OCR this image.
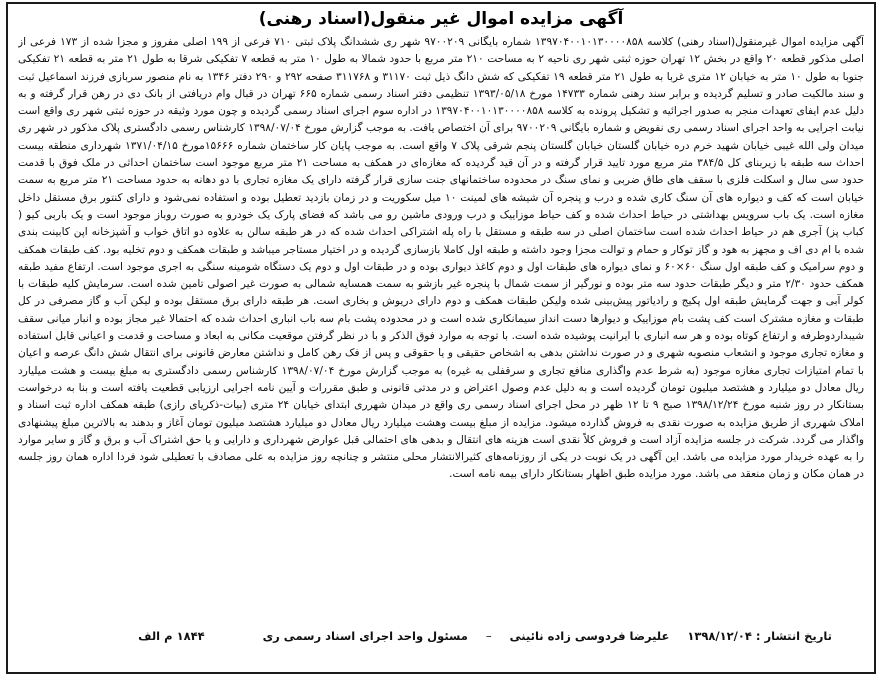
آگهی مزایده اموال غیر منقول(اسناد رهنی)

آگهی مزایده اموال غیرمنقول(اسناد رهنی) کلاسه ۱۳۹۷۰۴۰۰۱۰۱۳۰۰۰۰۸۵۸ شماره بایگانی ۹۷۰۰۲۰۹ شهر ری ششدانگ پلاک ثبتی ۷۱۰ فرعی از ۱۹۹ اصلی مفروز و مجزا شده از ۱۷۳ فرعی از اصلی مذکور قطعه ۲۰ واقع در بخش ۱۲ تهران حوزه ثبتی شهر ری ناحیه ۲ به مساحت ۲۱۰ متر مربع با حدود شمالا به طول ۱۰ متر به قطعه ۷ تفکیکی شرقا به طول ۲۱ متر به قطعه ۲۱ تفکیکی جنوبا به طول ۱۰ متر به خیابان ۱۲ متری غربا به طول ۲۱ متر قطعه ۱۹ تفکیکی که شش دانگ ذیل ثبت ۳۱۱۷۰ و ۳۱۱۷۶۸ صفحه ۲۹۲ و ۲۹۰ دفتر ۱۳۴۶ به نام منصور سربازی فرزند اسماعیل ثبت و سند مالکیت صادر و تسلیم گردیده و برابر سند رهنی شماره ۱۴۷۳۳ مورخ ۱۳۹۳/۰۵/۱۸ تنظیمی دفتر اسناد رسمی شماره ۶۶۵ تهران در قبال وام دریافتی از بانک دی در رهن قرار گرفته و به دلیل عدم ایفای تعهدات منجر به صدور اجرائیه و تشکیل پرونده به کلاسه ۱۳۹۷۰۴۰۰۱۰۱۳۰۰۰۰۸۵۸ در اداره سوم اجرای اسناد رسمی گردیده و چون مورد وثیقه در حوزه ثبتی شهر ری واقع است نیابت اجرایی به واحد اجرای اسناد رسمی ری نفویض و شماره بایگانی ۹۷۰۰۲۰۹ برای آن اختصاص یافت. به موجب گزارش مورخ ۱۳۹۸/۰۷/۰۴ کارشناس رسمی دادگستری پلاک مذکور در شهر ری میدان ولی الله غیبی خیابان شهید خرم دره خیابان گلستان خیابان گلستان پنجم شرقی پلاک ۷ واقع است. به موجب پایان کار ساختمان شماره ۱۵۶۶۶مورخ ۱۳۷۱/۰۴/۱۵ شهرداری منطقه بیست احداث سه طبقه با زیربنای کل ۳۸۴/۵ متر مربع مورد تایید قرار گرفته و در آن قید گردیده که مغازه‌ای در همکف به مساحت ۲۱ متر مربع موجود است ساختمان احداثی در ملک فوق با قدمت حدود سی سال و اسکلت فلزی با سقف های طاق ضربی و نمای سنگ در محدوده ساختمانهای جنت سازی قرار گرفته دارای یک مغازه تجاری با دو دهانه به حدود مساحت ۲۱ متر مربع به سمت خیابان است که کف و دیواره های آن سنگ کاری شده و درب و پنجره آن شیشه های لمینت ۱۰ میل سکوریت و در زمان بازدید تعطیل بوده و استفاده نمی‌شود و دارای کنتور برق مستقل داخل مغازه است. یک باب سرویس بهداشتی در حیاط احداث شده و کف حیاط موزاییک و درب ورودی ماشین رو می باشد که فضای پارک یک خودرو به صورت روباز موجود است و یک باربی کیو ( کباب پز) آجری هم در حیاط احداث شده است ساختمان اصلی در سه طبقه و مستقل با راه پله اشتراکی احداث شده که در هر طبقه سالن به علاوه دو اتاق خواب و آشپزخانه اپن کابینت بندی شده با ام دی اف و مجهز به هود و گاز توکار و حمام و توالت مجزا وجود داشته و طبقه اول کاملا بازسازی گردیده و در اختیار مستاجر میباشد و طبقات همکف و دوم تخلیه بود. کف طبقات همکف و دوم سرامیک و کف طبقه اول سنگ ۶۰×۶۰ و نمای دیواره های طبقات اول و دوم کاغذ دیواری بوده و در طبقات اول و دوم یک دستگاه شومینه سنگی به اجری موجود است. ارتفاع مفید طبقه همکف حدود ۲/۳۰ متر و دیگر طبقات حدود سه متر بوده و نورگیر از سمت شمال با پنجره غیر بازشو به سمت همسایه شمالی به صورت غیر اصولی تامین شده است. سرمایش کلیه طبقات با کولر آبی و جهت گرمایش طبقه اول پکیج و رادیاتور پیش‌بینی شده ولیکن طبقات همکف و دوم دارای دریوش و بخاری است. هر طبقه دارای برق مستقل بوده و لیکن آب و گاز مصرفی در کل طبقات و مغازه مشترک است کف پشت بام موزاییک و دیوارها دست انداز سیمانکاری شده است و در محدوده پشت بام سه باب انباری احداث شده که احتمالا غیر مجاز بوده و انبار میانی سقف شیبداردوطرفه و ارتفاع کوتاه بوده و هر سه انباری با ایرانیت پوشیده شده است. با توجه به موارد فوق الذکر و با در نظر گرفتن موقعیت مکانی به ابعاد و مساحت و قدمت و اعیانی قابل استفاده و مغازه تجاری موجود و انشعاب منصوبه شهری و در صورت نداشتن بدهی به اشخاص حقیقی و یا حقوقی و پس از فک رهن کامل و نداشتن معارض قانونی برای انتقال شش دانگ عرصه و اعیان با تمام امتیازات تجاری مغازه موجود (به شرط عدم واگذاری منافع تجاری و سرقفلی به غیره) به موجب گزارش مورخ ۱۳۹۸/۰۷/۰۴ کارشناس رسمی دادگستری به مبلغ بیست و هشت میلیارد ریال معادل دو میلیارد و هشتصد میلیون تومان گردیده است و به دلیل عدم وصول اعتراض و در مدتی قانونی و طبق مقررات و آیین نامه اجرایی ارزیابی قطعیت یافته است و بنا به درخواست بستانکار در روز شنبه مورخ ۱۳۹۸/۱۲/۲۴ صبح ۹ تا ۱۲ ظهر در محل اجرای اسناد رسمی ری واقع در میدان شهرری ابتدای خیابان ۲۴ متری (بیات-ذکریای رازی) طبقه همکف اداره ثبت اسناد و املاک شهرری از طریق مزایده به صورت نقدی به فروش گذارده میشود. مزایده از مبلغ بیست وهشت میلیارد ریال معادل دو میلیارد هشتصد میلیون تومان آغاز و بدهند به بالاترین مبلغ پیشنهادی واگذار می گردد. شرکت در جلسه مزایده آزاد است و فروش کلاً نقدی است هزینه های انتقال و بدهی های احتمالی قبل عوارض شهرداری و دارایی و یا حق اشتراک آب و برق و گاز و سایر موارد را به عهده خریدار مورد مزایده می باشد. این آگهی در یک نوبت در یکی از روزنامه‌های کثیرالانتشار محلی منتشر و چنانچه روز مزایده به علی مصادف با تعطیلی شود فردا اداره همان روز جلسه در همان مکان و زمان منعقد می باشد. مورد مزایده طبق اظهار بستانکار دارای بیمه نامه است.

تاریخ انتشار : ۱۳۹۸/۱۲/۰۴
علیرضا فردوسی زاده نائینی
–
مسئول واحد اجرای اسناد رسمی ری
۱۸۴۴ م الف
